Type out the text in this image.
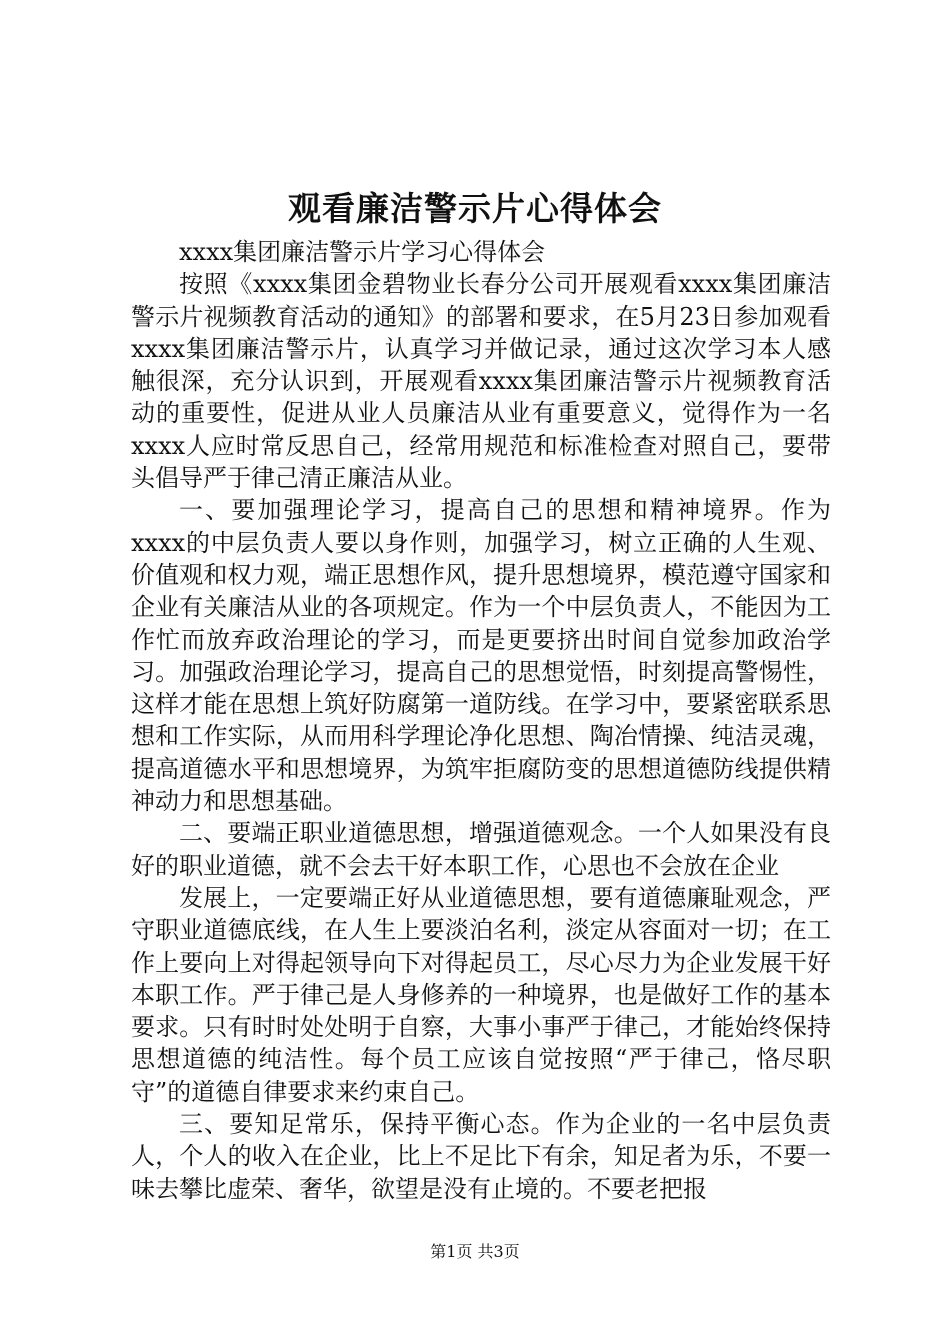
观看廉洁警示片心得体会

xxxx集团廉洁警示片学习心得体会

按照《xxxx集团金碧物业长春分公司开展观看xxxx集团廉洁警示片视频教育活动的通知》的部署和要求，在5月23日参加观看xxxx集团廉洁警示片，认真学习并做记录，通过这次学习本人感触很深，充分认识到，开展观看xxxx集团廉洁警示片视频教育活动的重要性，促进从业人员廉洁从业有重要意义，觉得作为一名xxxx人应时常反思自己，经常用规范和标准检查对照自己，要带头倡导严于律己清正廉洁从业。

一、要加强理论学习，提高自己的思想和精神境界。作为xxxx的中层负责人要以身作则，加强学习，树立正确的人生观、价值观和权力观，端正思想作风，提升思想境界，模范遵守国家和企业有关廉洁从业的各项规定。作为一个中层负责人，不能因为工作忙而放弃政治理论的学习，而是更要挤出时间自觉参加政治学习。加强政治理论学习，提高自己的思想觉悟，时刻提高警惕性，这样才能在思想上筑好防腐第一道防线。在学习中，要紧密联系思想和工作实际，从而用科学理论净化思想、陶冶情操、纯洁灵魂，提高道德水平和思想境界，为筑牢拒腐防变的思想道德防线提供精神动力和思想基础。

二、要端正职业道德思想，增强道德观念。一个人如果没有良好的职业道德，就不会去干好本职工作，心思也不会放在企业

发展上，一定要端正好从业道德思想，要有道德廉耻观念，严守职业道德底线，在人生上要淡泊名利，淡定从容面对一切；在工作上要向上对得起领导向下对得起员工，尽心尽力为企业发展干好本职工作。严于律己是人身修养的一种境界，也是做好工作的基本要求。只有时时处处明于自察，大事小事严于律己，才能始终保持思想道德的纯洁性。每个员工应该自觉按照“严于律己，恪尽职守”的道德自律要求来约束自己。

三、要知足常乐，保持平衡心态。作为企业的一名中层负责人，个人的收入在企业，比上不足比下有余，知足者为乐，不要一味去攀比虚荣、奢华，欲望是没有止境的。不要老把报

第1页 共3页
